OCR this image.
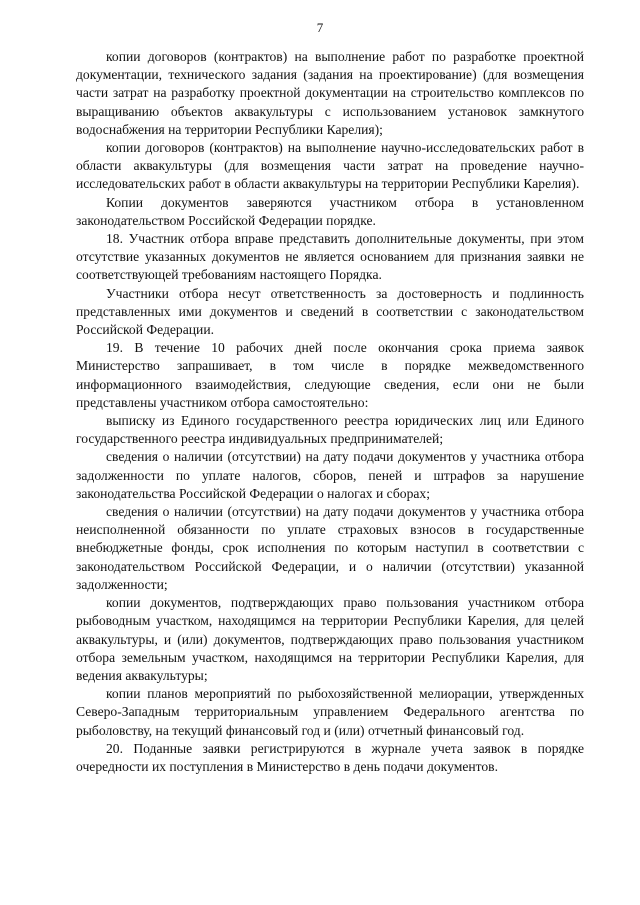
7

копии договоров (контрактов) на выполнение работ по разработке проектной документации, технического задания (задания на проектирование) (для возмещения части затрат на разработку проектной документации на строительство комплексов по выращиванию объектов аквакультуры с использованием установок замкнутого водоснабжения на территории Республики Карелия);

копии договоров (контрактов) на выполнение научно-исследовательских работ в области аквакультуры (для возмещения части затрат на проведение научно-исследовательских работ в области аквакультуры на территории Республики Карелия).

Копии документов заверяются участником отбора в установленном законодательством Российской Федерации порядке.

18. Участник отбора вправе представить дополнительные документы, при этом отсутствие указанных документов не является основанием для признания заявки не соответствующей требованиям настоящего Порядка.

Участники отбора несут ответственность за достоверность и подлинность представленных ими документов и сведений в соответствии с законодательством Российской Федерации.

19. В течение 10 рабочих дней после окончания срока приема заявок Министерство запрашивает, в том числе в порядке межведомственного информационного взаимодействия, следующие сведения, если они не были представлены участником отбора самостоятельно:

выписку из Единого государственного реестра юридических лиц или Единого государственного реестра индивидуальных предпринимателей;

сведения о наличии (отсутствии) на дату подачи документов у участника отбора задолженности по уплате налогов, сборов, пеней и штрафов за нарушение законодательства Российской Федерации о налогах и сборах;

сведения о наличии (отсутствии) на дату подачи документов у участника отбора неисполненной обязанности по уплате страховых взносов в государственные внебюджетные фонды, срок исполнения по которым наступил в соответствии с законодательством Российской Федерации, и о наличии (отсутствии) указанной задолженности;

копии документов, подтверждающих право пользования участником отбора рыбоводным участком, находящимся на территории Республики Карелия, для целей аквакультуры, и (или) документов, подтверждающих право пользования участником отбора земельным участком, находящимся на территории Республики Карелия, для ведения аквакультуры;

копии планов мероприятий по рыбохозяйственной мелиорации, утвержденных Северо-Западным территориальным управлением Федерального агентства по рыболовству, на текущий финансовый год и (или) отчетный финансовый год.

20. Поданные заявки регистрируются в журнале учета заявок в порядке очередности их поступления в Министерство в день подачи документов.
